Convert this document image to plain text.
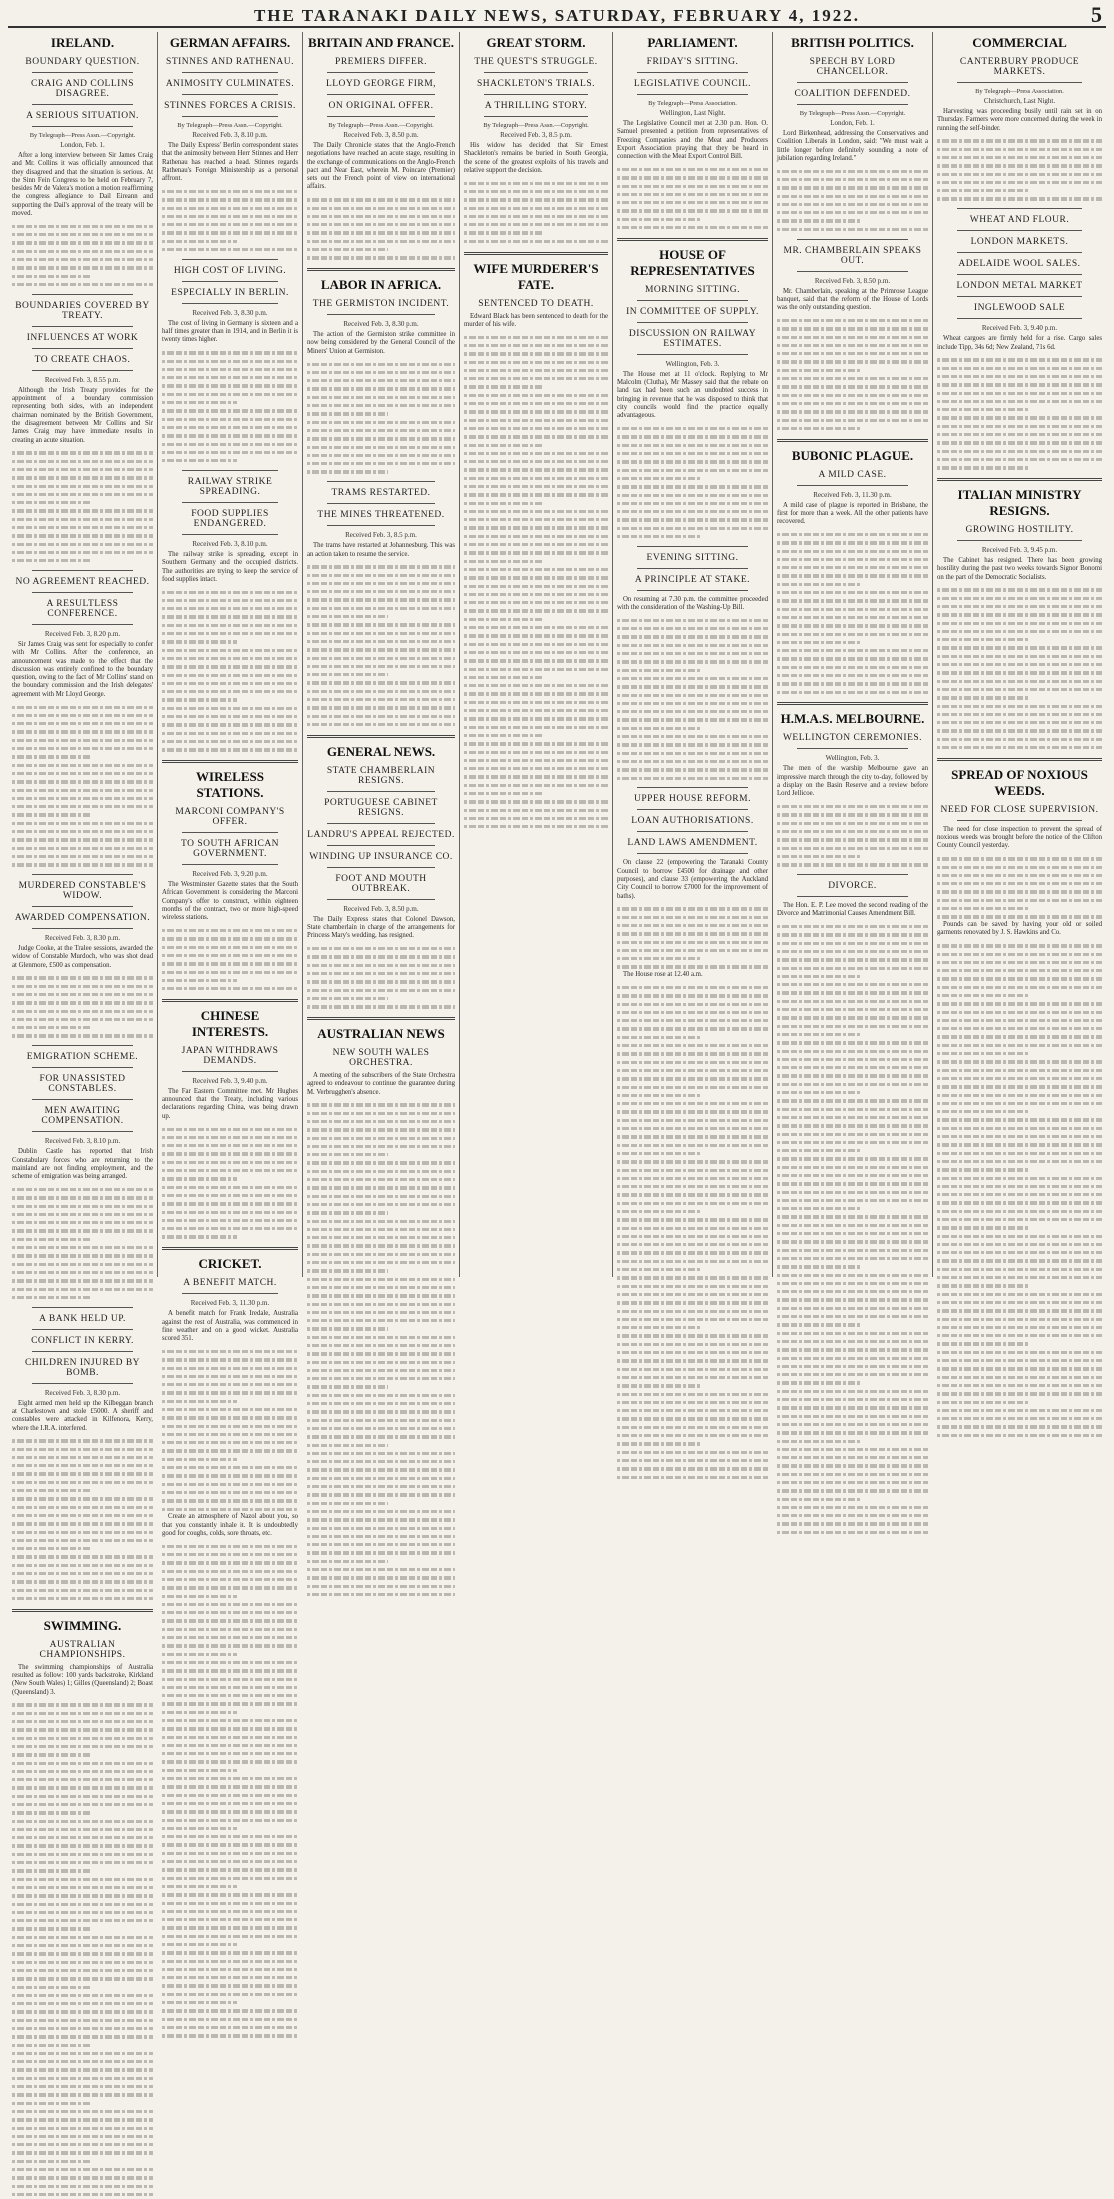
THE TARANAKI DAILY NEWS, SATURDAY, FEBRUARY 4, 1922.	5
IRELAND.
BOUNDARY QUESTION.
CRAIG AND COLLINS DISAGREE.
A SERIOUS SITUATION.
By Telegraph—Press Assn.—Copyright.
London, Feb. 1.

After a long interview between Sir James Craig and Mr. Collins it was officially announced that they disagreed and that the situation is serious. At the Sinn Fein Congress to be held on February 7, besides Mr de Valera's motion a motion reaffirming the congress allegiance to Dail Eireann and supporting the Dail's approval of the treaty will be moved.

BOUNDARIES COVERED BY TREATY.
INFLUENCES AT WORK
TO CREATE CHAOS.
Received Feb. 3, 8.55 p.m.

Although the Irish Treaty provides for the appointment of a boundary commission representing both sides, with an independent chairman nominated by the British Government, the disagreement between Mr Collins and Sir James Craig may have immediate results in creating an acute situation.

NO AGREEMENT REACHED.
A RESULTLESS CONFERENCE.
Received Feb. 3, 8.20 p.m.

Sir James Craig was sent for especially to confer with Mr Collins. After the conference, an announcement was made to the effect that the discussion was entirely confined to the boundary question, owing to the fact of Mr Collins' stand on the boundary commission and the Irish delegates' agreement with Mr Lloyd George.

MURDERED CONSTABLE'S WIDOW.
AWARDED COMPENSATION.
Received Feb. 3, 8.30 p.m.

Judge Cooke, at the Tralee sessions, awarded the widow of Constable Murdoch, who was shot dead at Glenmore, £500 as compensation.

EMIGRATION SCHEME.
FOR UNASSISTED CONSTABLES.
MEN AWAITING COMPENSATION.
Received Feb. 3, 8.10 p.m.

Dublin Castle has reported that Irish Constabulary forces who are returning to the mainland are not finding employment, and the scheme of emigration was being arranged.

A BANK HELD UP.
CONFLICT IN KERRY.
CHILDREN INJURED BY BOMB.
Received Feb. 3, 8.30 p.m.

Eight armed men held up the Kilbeggan branch at Charlestown and stole £5000. A sheriff and constables were attacked in Kilfenora, Kerry, where the I.R.A. interfered.

SWIMMING.
AUSTRALIAN CHAMPIONSHIPS.

The swimming championships of Australia resulted as follow: 100 yards backstroke, Kirkland (New South Wales) 1; Gilles (Queensland) 2; Boast (Queensland) 3.

GERMAN AFFAIRS.
STINNES AND RATHENAU.
ANIMOSITY CULMINATES.
STINNES FORCES A CRISIS.
By Telegraph—Press Assn.—Copyright.
Received Feb. 3, 8.10 p.m.

The Daily Express' Berlin correspondent states that the animosity between Herr Stinnes and Herr Rathenau has reached a head. Stinnes regards Rathenau's Foreign Ministership as a personal affront.

HIGH COST OF LIVING.
ESPECIALLY IN BERLIN.
Received Feb. 3, 8.30 p.m.

The cost of living in Germany is sixteen and a half times greater than in 1914, and in Berlin it is twenty times higher.

RAILWAY STRIKE SPREADING.
FOOD SUPPLIES ENDANGERED.
Received Feb. 3, 8.10 p.m.

The railway strike is spreading, except in Southern Germany and the occupied districts. The authorities are trying to keep the service of food supplies intact.

WIRELESS STATIONS.
MARCONI COMPANY'S OFFER.
TO SOUTH AFRICAN GOVERNMENT.
Received Feb. 3, 9.20 p.m.

The Westminster Gazette states that the South African Government is considering the Marconi Company's offer to construct, within eighteen months of the contract, two or more high-speed wireless stations.

CHINESE INTERESTS.
JAPAN WITHDRAWS DEMANDS.
Received Feb. 3, 9.40 p.m.

The Far Eastern Committee met. Mr Hughes announced that the Treaty, including various declarations regarding China, was being drawn up.

CRICKET.
A BENEFIT MATCH.
Received Feb. 3, 11.30 p.m.

A benefit match for Frank Iredale, Australia against the rest of Australia, was commenced in fine weather and on a good wicket. Australia scored 351.

Create an atmosphere of Nazol about you, so that you constantly inhale it. It is undoubtedly good for coughs, colds, sore throats, etc.

BRITAIN AND FRANCE.
PREMIERS DIFFER.
LLOYD GEORGE FIRM,
ON ORIGINAL OFFER.
By Telegraph—Press Assn.—Copyright.
Received Feb. 3, 8.50 p.m.

The Daily Chronicle states that the Anglo-French negotiations have reached an acute stage, resulting in the exchange of communications on the Anglo-French pact and Near East, wherein M. Poincare (Premier) sets out the French point of view on international affairs.

LABOR IN AFRICA.
THE GERMISTON INCIDENT.
Received Feb. 3, 8.30 p.m.

The action of the Germiston strike committee in now being considered by the General Council of the Miners' Union at Germiston.

TRAMS RESTARTED.
THE MINES THREATENED.
Received Feb. 3, 8.5 p.m.

The trams have restarted at Johannesburg. This was an action taken to resume the service.

GENERAL NEWS.
STATE CHAMBERLAIN RESIGNS.
PORTUGUESE CABINET RESIGNS.
LANDRU'S APPEAL REJECTED.
WINDING UP INSURANCE CO.
FOOT AND MOUTH OUTBREAK.
Received Feb. 3, 8.50 p.m.

The Daily Express states that Colonel Dawson, State chamberlain in charge of the arrangements for Princess Mary's wedding, has resigned.

AUSTRALIAN NEWS
NEW SOUTH WALES ORCHESTRA.

A meeting of the subscribers of the State Orchestra agreed to endeavour to continue the guarantee during M. Verbrugghen's absence.

GREAT STORM.
THE QUEST'S STRUGGLE.
SHACKLETON'S TRIALS.
A THRILLING STORY.
By Telegraph—Press Assn.—Copyright.
Received Feb. 3, 8.5 p.m.

His widow has decided that Sir Ernest Shackleton's remains be buried in South Georgia, the scene of the greatest exploits of his travels and relative support the decision.

WIFE MURDERER'S FATE.
SENTENCED TO DEATH.

Edward Black has been sentenced to death for the murder of his wife.

PARLIAMENT.
FRIDAY'S SITTING.
LEGISLATIVE COUNCIL.
By Telegraph—Press Association.
Wellington, Last Night.

The Legislative Council met at 2.30 p.m. Hon. O. Samuel presented a petition from representatives of Freezing Companies and the Meat and Producers Export Association praying that they be heard in connection with the Meat Export Control Bill.

HOUSE OF REPRESENTATIVES
MORNING SITTING.
IN COMMITTEE OF SUPPLY.
DISCUSSION ON RAILWAY ESTIMATES.
Wellington, Feb. 3.

The House met at 11 o'clock. Replying to Mr Malcolm (Clutha), Mr Massey said that the rebate on land tax had been such an undoubted success in bringing in revenue that he was disposed to think that city councils would find the practice equally advantageous.

EVENING SITTING.
A PRINCIPLE AT STAKE.

On resuming at 7.30 p.m. the committee proceeded with the consideration of the Washing-Up Bill.

UPPER HOUSE REFORM.
LOAN AUTHORISATIONS.
LAND LAWS AMENDMENT.

On clause 22 (empowering the Taranaki County Council to borrow £4500 for drainage and other purposes), and clause 33 (empowering the Auckland City Council to borrow £7000 for the improvement of baths).

The House rose at 12.40 a.m.

BRITISH POLITICS.
SPEECH BY LORD CHANCELLOR.
COALITION DEFENDED.
By Telegraph—Press Assn.—Copyright.
London, Feb. 1.

Lord Birkenhead, addressing the Conservatives and Coalition Liberals in London, said: "We must wait a little longer before definitely sounding a note of jubilation regarding Ireland."

MR. CHAMBERLAIN SPEAKS OUT.
Received Feb. 3, 8.50 p.m.

Mr. Chamberlain, speaking at the Primrose League banquet, said that the reform of the House of Lords was the only outstanding question.

BUBONIC PLAGUE.
A MILD CASE.
Received Feb. 3, 11.30 p.m.

A mild case of plague is reported in Brisbane, the first for more than a week. All the other patients have recovered.

H.M.A.S. MELBOURNE.
WELLINGTON CEREMONIES.
Wellington, Feb. 3.

The men of the warship Melbourne gave an impressive march through the city to-day, followed by a display on the Basin Reserve and a review before Lord Jellicoe.

DIVORCE.

The Hon. E. P. Lee moved the second reading of the Divorce and Matrimonial Causes Amendment Bill.

COMMERCIAL
CANTERBURY PRODUCE MARKETS.
By Telegraph—Press Association.
Christchurch, Last Night.

Harvesting was proceeding busily until rain set in on Thursday. Farmers were more concerned during the week in running the self-binder.

WHEAT AND FLOUR.
LONDON MARKETS.
ADELAIDE WOOL SALES.
LONDON METAL MARKET
INGLEWOOD SALE
Received Feb. 3, 9.40 p.m.

Wheat cargoes are firmly held for a rise. Cargo sales include Tipp, 34s 6d; New Zealand, 71s 6d.

ITALIAN MINISTRY RESIGNS.
GROWING HOSTILITY.
Received Feb. 3, 9.45 p.m.

The Cabinet has resigned. There has been growing hostility during the past two weeks towards Signor Bonomi on the part of the Democratic Socialists.

SPREAD OF NOXIOUS WEEDS.
NEED FOR CLOSE SUPERVISION.

The need for close inspection to prevent the spread of noxious weeds was brought before the notice of the Clifton County Council yesterday.

Pounds can be saved by having your old or soiled garments renovated by J. S. Hawkins and Co.
